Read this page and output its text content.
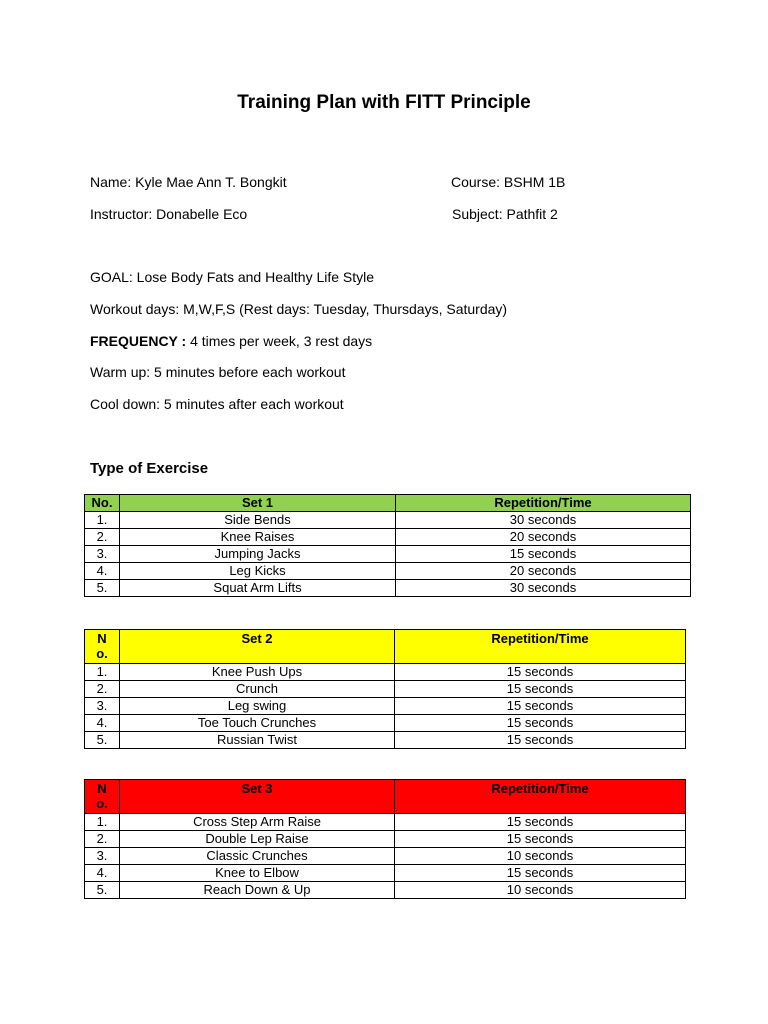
Training Plan with FITT Principle
Name: Kyle Mae Ann T. Bongkit	Course: BSHM 1B
Instructor: Donabelle Eco	Subject: Pathfit 2
GOAL: Lose Body Fats and Healthy Life Style
Workout days: M,W,F,S (Rest days: Tuesday, Thursdays, Saturday)
FREQUENCY : 4 times per week, 3 rest days
Warm up: 5 minutes before each workout
Cool down: 5 minutes after each workout
Type of Exercise
No.	Set 1	Repetition/Time
1.	Side Bends	30 seconds
2.	Knee Raises	20 seconds
3.	Jumping Jacks	15 seconds
4.	Leg Kicks	20 seconds
5.	Squat Arm Lifts	30 seconds
No.	Set 2	Repetition/Time
1.	Knee Push Ups	15 seconds
2.	Crunch	15 seconds
3.	Leg swing	15 seconds
4.	Toe Touch Crunches	15 seconds
5.	Russian Twist	15 seconds
No.	Set 3	Repetition/Time
1.	Cross Step Arm Raise	15 seconds
2.	Double Lep Raise	15 seconds
3.	Classic Crunches	10 seconds
4.	Knee to Elbow	15 seconds
5.	Reach Down & Up	10 seconds
